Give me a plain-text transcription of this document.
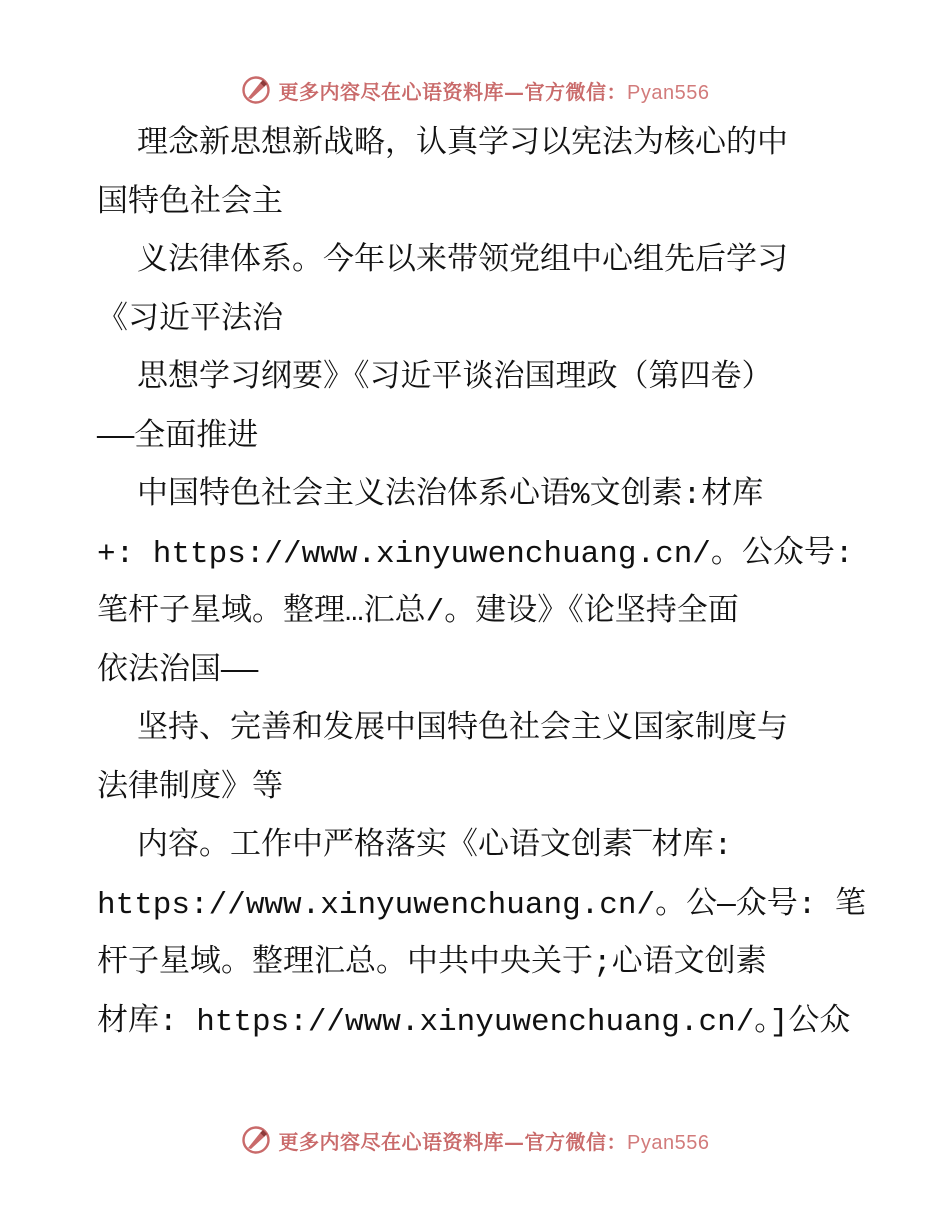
更多内容尽在心语资料库—官方微信：Pyan556
理念新思想新战略，认真学习以宪法为核心的中
国特色社会主
义法律体系。今年以来带领党组中心组先后学习
《习近平法治
思想学习纲要》《习近平谈治国理政（第四卷）
——全面推进
中国特色社会主义法治体系心语%文创素:材库
+: https://www.xinyuwenchuang.cn/。公众号:
笔杆子星域。整理…汇总/。建设》《论坚持全面
依法治国——
坚持、完善和发展中国特色社会主义国家制度与
法律制度》等
内容。工作中严格落实《心语文创素¯材库:
https://www.xinyuwenchuang.cn/。公—众号: 笔
杆子星域。整理汇总。中共中央关于;心语文创素
材库: https://www.xinyuwenchuang.cn/。]公众
更多内容尽在心语资料库—官方微信：Pyan556
